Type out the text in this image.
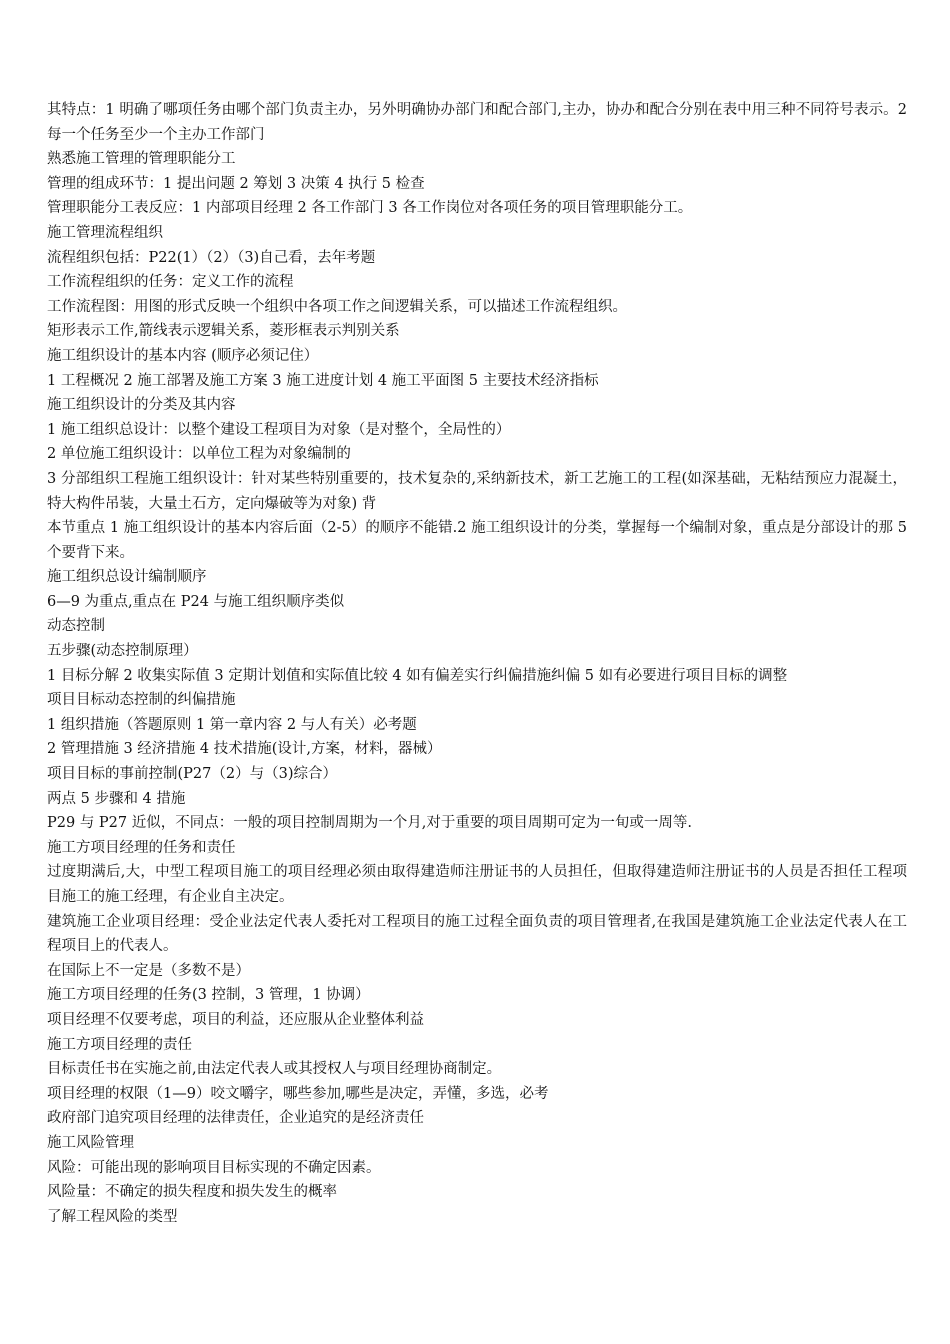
其特点：1 明确了哪项任务由哪个部门负责主办，另外明确协办部门和配合部门,主办，协办和配合分别在表中用三种不同符号表示。2 每一个任务至少一个主办工作部门

熟悉施工管理的管理职能分工

管理的组成环节：1 提出问题 2 筹划 3 决策 4 执行 5 检查

管理职能分工表反应：1 内部项目经理 2 各工作部门 3 各工作岗位对各项任务的项目管理职能分工。

施工管理流程组织

流程组织包括：P22(1）（2）（3)自己看，去年考题

工作流程组织的任务：定义工作的流程

工作流程图：用图的形式反映一个组织中各项工作之间逻辑关系，可以描述工作流程组织。

矩形表示工作,箭线表示逻辑关系，菱形框表示判别关系

施工组织设计的基本内容 (顺序必须记住）

1 工程概况 2 施工部署及施工方案 3 施工进度计划 4 施工平面图 5 主要技术经济指标

施工组织设计的分类及其内容

1 施工组织总设计：以整个建设工程项目为对象（是对整个，全局性的）

2 单位施工组织设计：以单位工程为对象编制的

3 分部组织工程施工组织设计：针对某些特别重要的，技术复杂的,采纳新技术，新工艺施工的工程(如深基础，无粘结预应力混凝土，特大构件吊装，大量土石方，定向爆破等为对象) 背

本节重点 1 施工组织设计的基本内容后面（2-5）的顺序不能错.2 施工组织设计的分类，掌握每一个编制对象，重点是分部设计的那 5 个要背下来。

施工组织总设计编制顺序

6—9 为重点,重点在 P24 与施工组织顺序类似

动态控制

五步骤(动态控制原理）

1 目标分解 2 收集实际值 3 定期计划值和实际值比较 4 如有偏差实行纠偏措施纠偏 5 如有必要进行项目目标的调整

项目目标动态控制的纠偏措施

1 组织措施（答题原则 1 第一章内容 2 与人有关）必考题

2 管理措施 3 经济措施 4 技术措施(设计,方案，材料，器械）

项目目标的事前控制(P27（2）与（3)综合）

两点 5 步骤和 4 措施

P29 与 P27 近似，不同点：一般的项目控制周期为一个月,对于重要的项目周期可定为一旬或一周等.

施工方项目经理的任务和责任

过度期满后,大，中型工程项目施工的项目经理必须由取得建造师注册证书的人员担任，但取得建造师注册证书的人员是否担任工程项目施工的施工经理，有企业自主决定。

建筑施工企业项目经理：受企业法定代表人委托对工程项目的施工过程全面负责的项目管理者,在我国是建筑施工企业法定代表人在工程项目上的代表人。

在国际上不一定是（多数不是）

施工方项目经理的任务(3 控制，3 管理，1 协调）

项目经理不仅要考虑，项目的利益，还应服从企业整体利益

施工方项目经理的责任

目标责任书在实施之前,由法定代表人或其授权人与项目经理协商制定。

项目经理的权限（1—9）咬文嚼字，哪些参加,哪些是决定，弄懂，多选，必考

政府部门追究项目经理的法律责任，企业追究的是经济责任

施工风险管理

风险：可能出现的影响项目目标实现的不确定因素。

风险量：不确定的损失程度和损失发生的概率

了解工程风险的类型
